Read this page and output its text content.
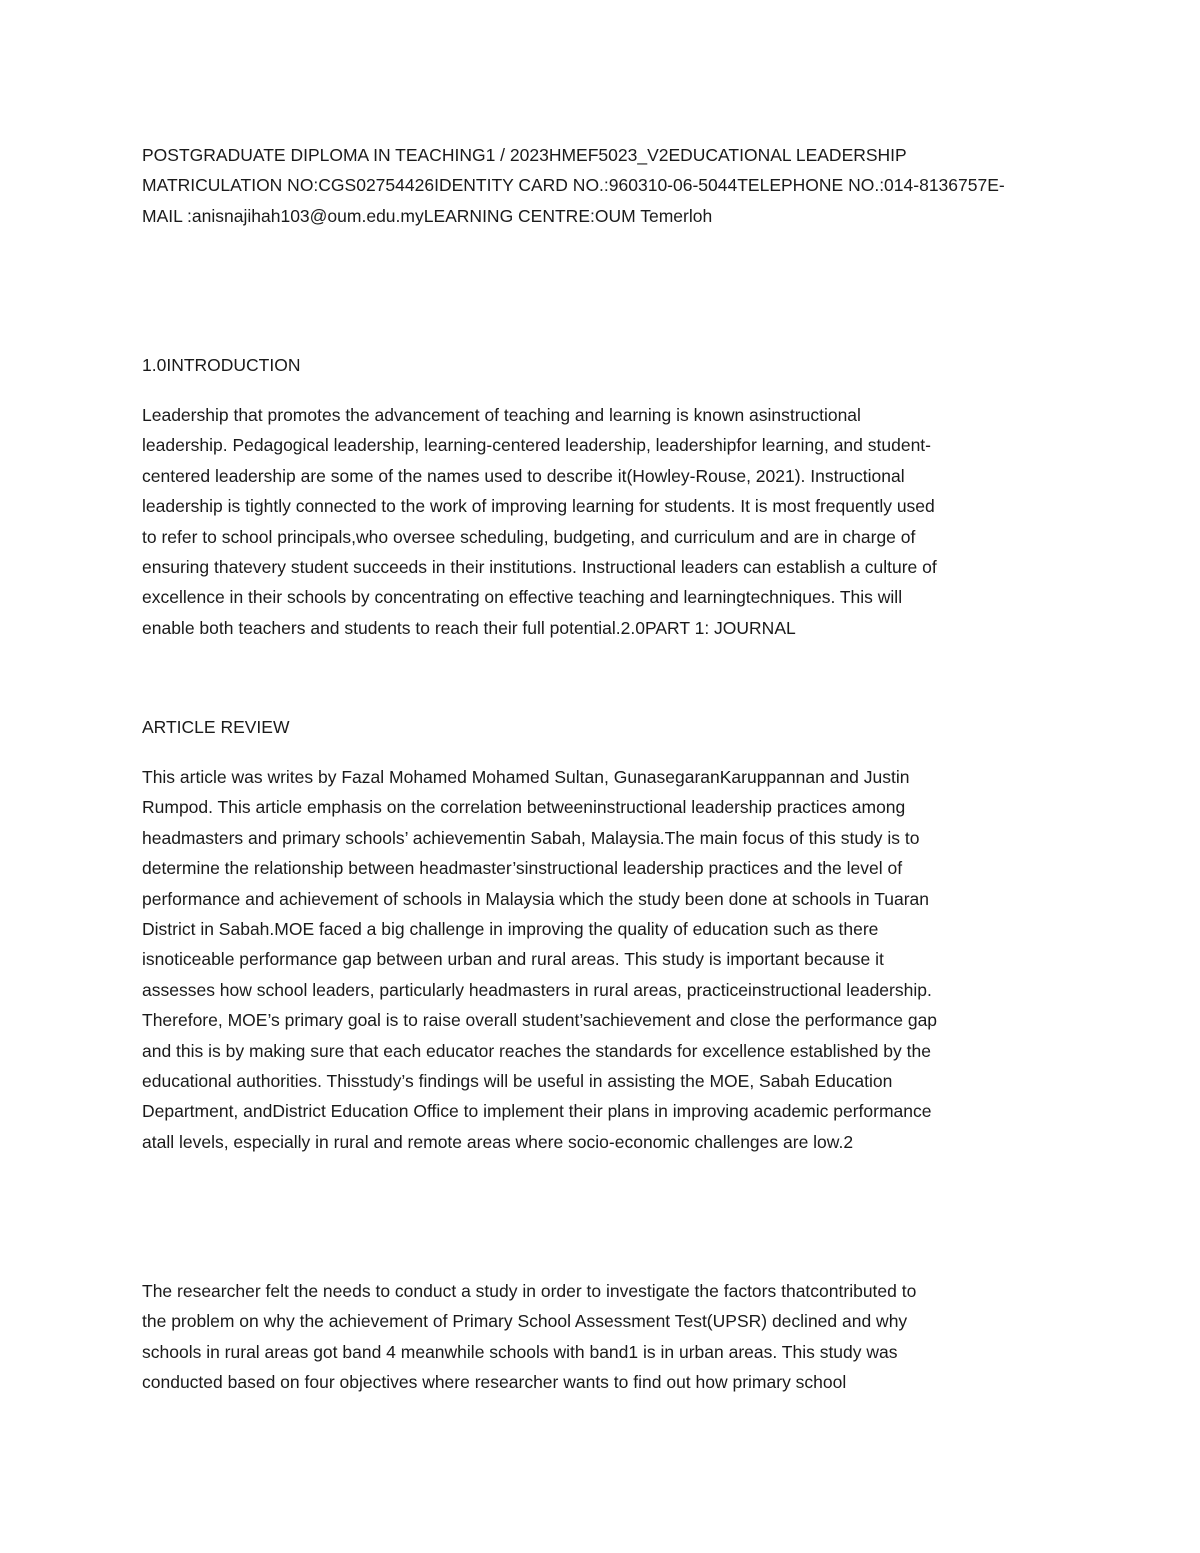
POSTGRADUATE DIPLOMA IN TEACHING1 / 2023HMEF5023_V2EDUCATIONAL LEADERSHIP
MATRICULATION NO:CGS02754426IDENTITY CARD NO.:960310-06-5044TELEPHONE NO.:014-8136757E-
MAIL :anisnajihah103@oum.edu.myLEARNING CENTRE:OUM Temerloh
1.0INTRODUCTION
Leadership that promotes the advancement of teaching and learning is known asinstructional
leadership. Pedagogical leadership, learning-centered leadership, leadershipfor learning, and student-
centered leadership are some of the names used to describe it(Howley-Rouse, 2021). Instructional
leadership is tightly connected to the work of improving learning for students. It is most frequently used
to refer to school principals,who oversee scheduling, budgeting, and curriculum and are in charge of
ensuring thatevery student succeeds in their institutions. Instructional leaders can establish a culture of
excellence in their schools by concentrating on effective teaching and learningtechniques. This will
enable both teachers and students to reach their full potential.2.0PART 1: JOURNAL
ARTICLE REVIEW
This article was writes by Fazal Mohamed Mohamed Sultan, GunasegaranKaruppannan and Justin
Rumpod. This article emphasis on the correlation betweeninstructional leadership practices among
headmasters and primary schools’ achievementin Sabah, Malaysia.The main focus of this study is to
determine the relationship between headmaster’sinstructional leadership practices and the level of
performance and achievement of schools in Malaysia which the study been done at schools in Tuaran
District in Sabah.MOE faced a big challenge in improving the quality of education such as there
isnoticeable performance gap between urban and rural areas. This study is important because it
assesses how school leaders, particularly headmasters in rural areas, practiceinstructional leadership.
Therefore, MOE’s primary goal is to raise overall student’sachievement and close the performance gap
and this is by making sure that each educator reaches the standards for excellence established by the
educational authorities. Thisstudy’s findings will be useful in assisting the MOE, Sabah Education
Department, andDistrict Education Office to implement their plans in improving academic performance
atall levels, especially in rural and remote areas where socio-economic challenges are low.2
The researcher felt the needs to conduct a study in order to investigate the factors thatcontributed to
the problem on why the achievement of Primary School Assessment Test(UPSR) declined and why
schools in rural areas got band 4 meanwhile schools with band1 is in urban areas. This study was
conducted based on four objectives where researcher wants to find out how primary school
